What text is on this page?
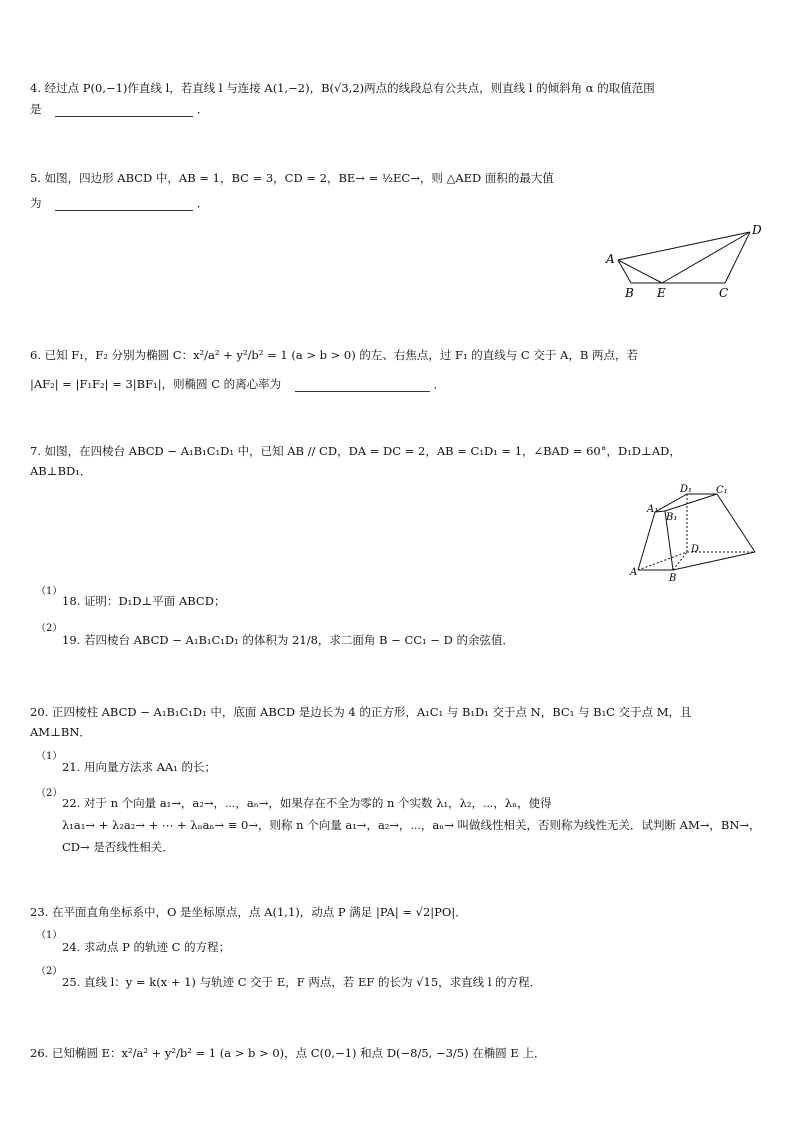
4. 经过点 P(0,−1)作直线 l，若直线 l 与连接 A(1,−2)，B(√3,2)两点的线段总有公共点，则直线 l 的倾斜角 α 的取值范围
是	．
5. 如图，四边形 ABCD 中，AB = 1，BC = 3，CD = 2，BE→ = ½EC→，则 △AED 面积的最大值
为	．
A
B E	C
D
6. 已知 F₁，F₂ 分别为椭圆 C：x²/a² + y²/b² = 1 (a > b > 0) 的左、右焦点，过 F₁ 的直线与 C 交于 A，B 两点，若
|AF₂| = |F₁F₂| = 3|BF₁|，则椭圆 C 的离心率为	．
7. 如图，在四棱台 ABCD − A₁B₁C₁D₁ 中，已知 AB // CD，DA = DC = 2，AB = C₁D₁ = 1，∠BAD = 60°，D₁D⊥AD，
AB⊥BD₁．
A₁
B₁
D₁ C₁
D
A
B
（1）
18. 证明：D₁D⊥平面 ABCD；
（2）
19. 若四棱台 ABCD − A₁B₁C₁D₁ 的体积为 21/8，求二面角 B − CC₁ − D 的余弦值．
20. 正四棱柱 ABCD − A₁B₁C₁D₁ 中，底面 ABCD 是边长为 4 的正方形，A₁C₁ 与 B₁D₁ 交于点 N，BC₁ 与 B₁C 交于点 M，且
AM⊥BN．
（1）
21. 用向量方法求 AA₁ 的长；
（2）
22. 对于 n 个向量 a₁→，a₂→，⋯，aₙ→，如果存在不全为零的 n 个实数 λ₁，λ₂，⋯，λₙ，使得
λ₁a₁→ + λ₂a₂→ + ⋯ + λₙaₙ→ ≡ 0→，则称 n 个向量 a₁→，a₂→，⋯，aₙ→ 叫做线性相关，否则称为线性无关．试判断 AM→，BN→，
CD→ 是否线性相关．
23. 在平面直角坐标系中，O 是坐标原点，点 A(1,1)，动点 P 满足 |PA| = √2|PO|．
（1）
24. 求动点 P 的轨迹 C 的方程；
（2）
25. 直线 l：y = k(x + 1) 与轨迹 C 交于 E，F 两点，若 EF 的长为 √15，求直线 l 的方程．
26. 已知椭圆 E：x²/a² + y²/b² = 1 (a > b > 0)，点 C(0,−1) 和点 D(−8/5, −3/5) 在椭圆 E 上．
